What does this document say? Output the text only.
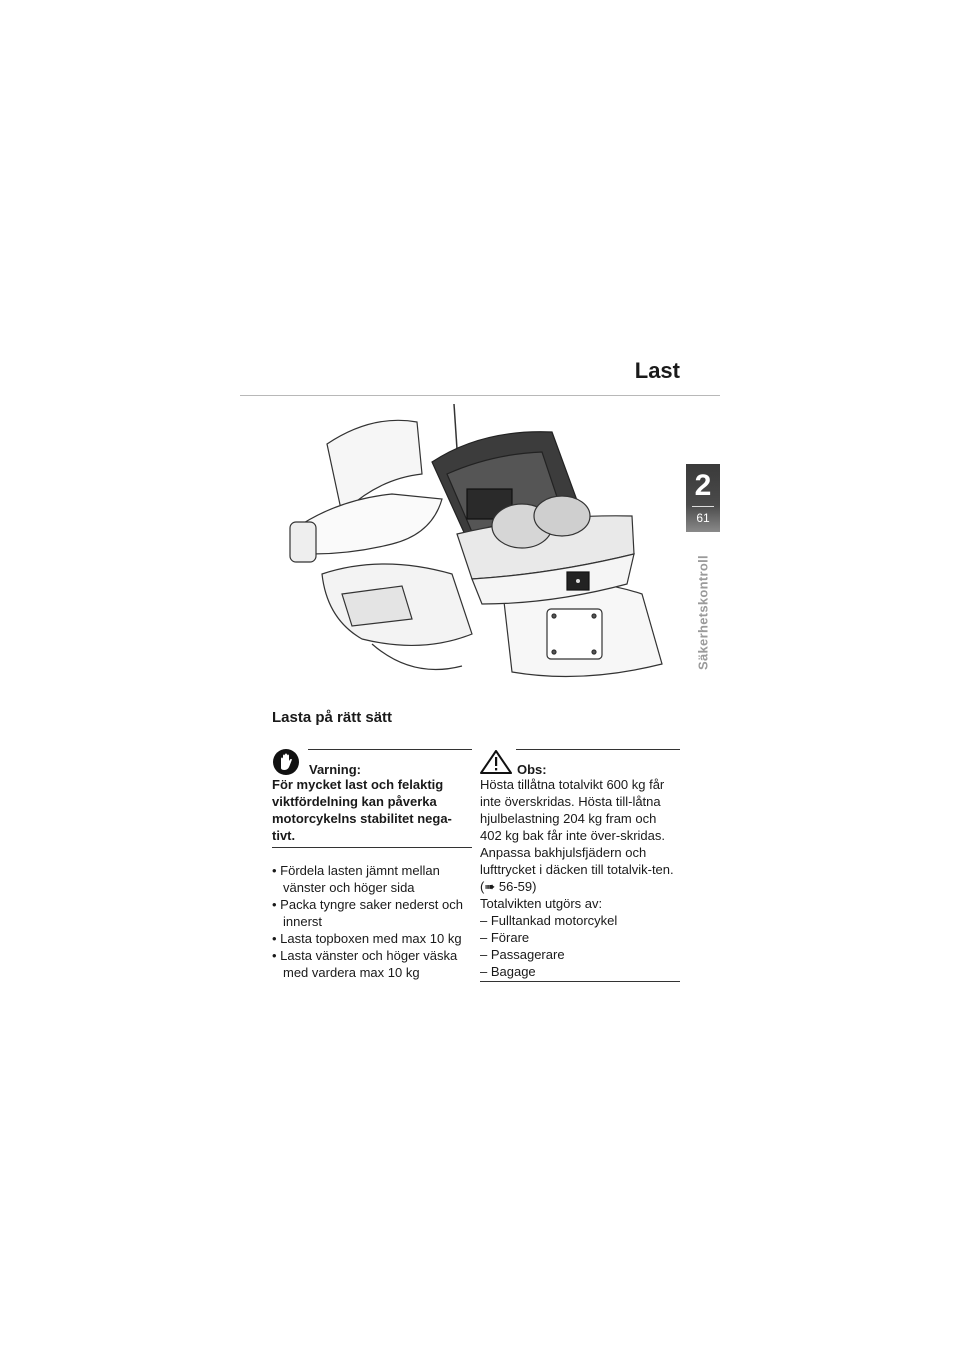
Last
2
61
Säkerhetskontroll
Lasta på rätt sätt
Varning:
För mycket last och felaktig viktfördelning kan påverka motorcykelns stabilitet nega-tivt.
• Fördela lasten jämnt mellan vänster och höger sida
• Packa tyngre saker nederst och innerst
• Lasta topboxen med max 10 kg
• Lasta vänster och höger väska med vardera max 10 kg
Obs:
Hösta tillåtna totalvikt 600 kg får inte överskridas. Hösta till-låtna hjulbelastning 204 kg fram och 402 kg bak får inte över-skridas.
Anpassa bakhjulsfjädern och lufttrycket i däcken till totalvik-ten.(➠ 56-59)
Totalvikten utgörs av:
– Fulltankad motorcykel
– Förare
– Passagerare
– Bagage
